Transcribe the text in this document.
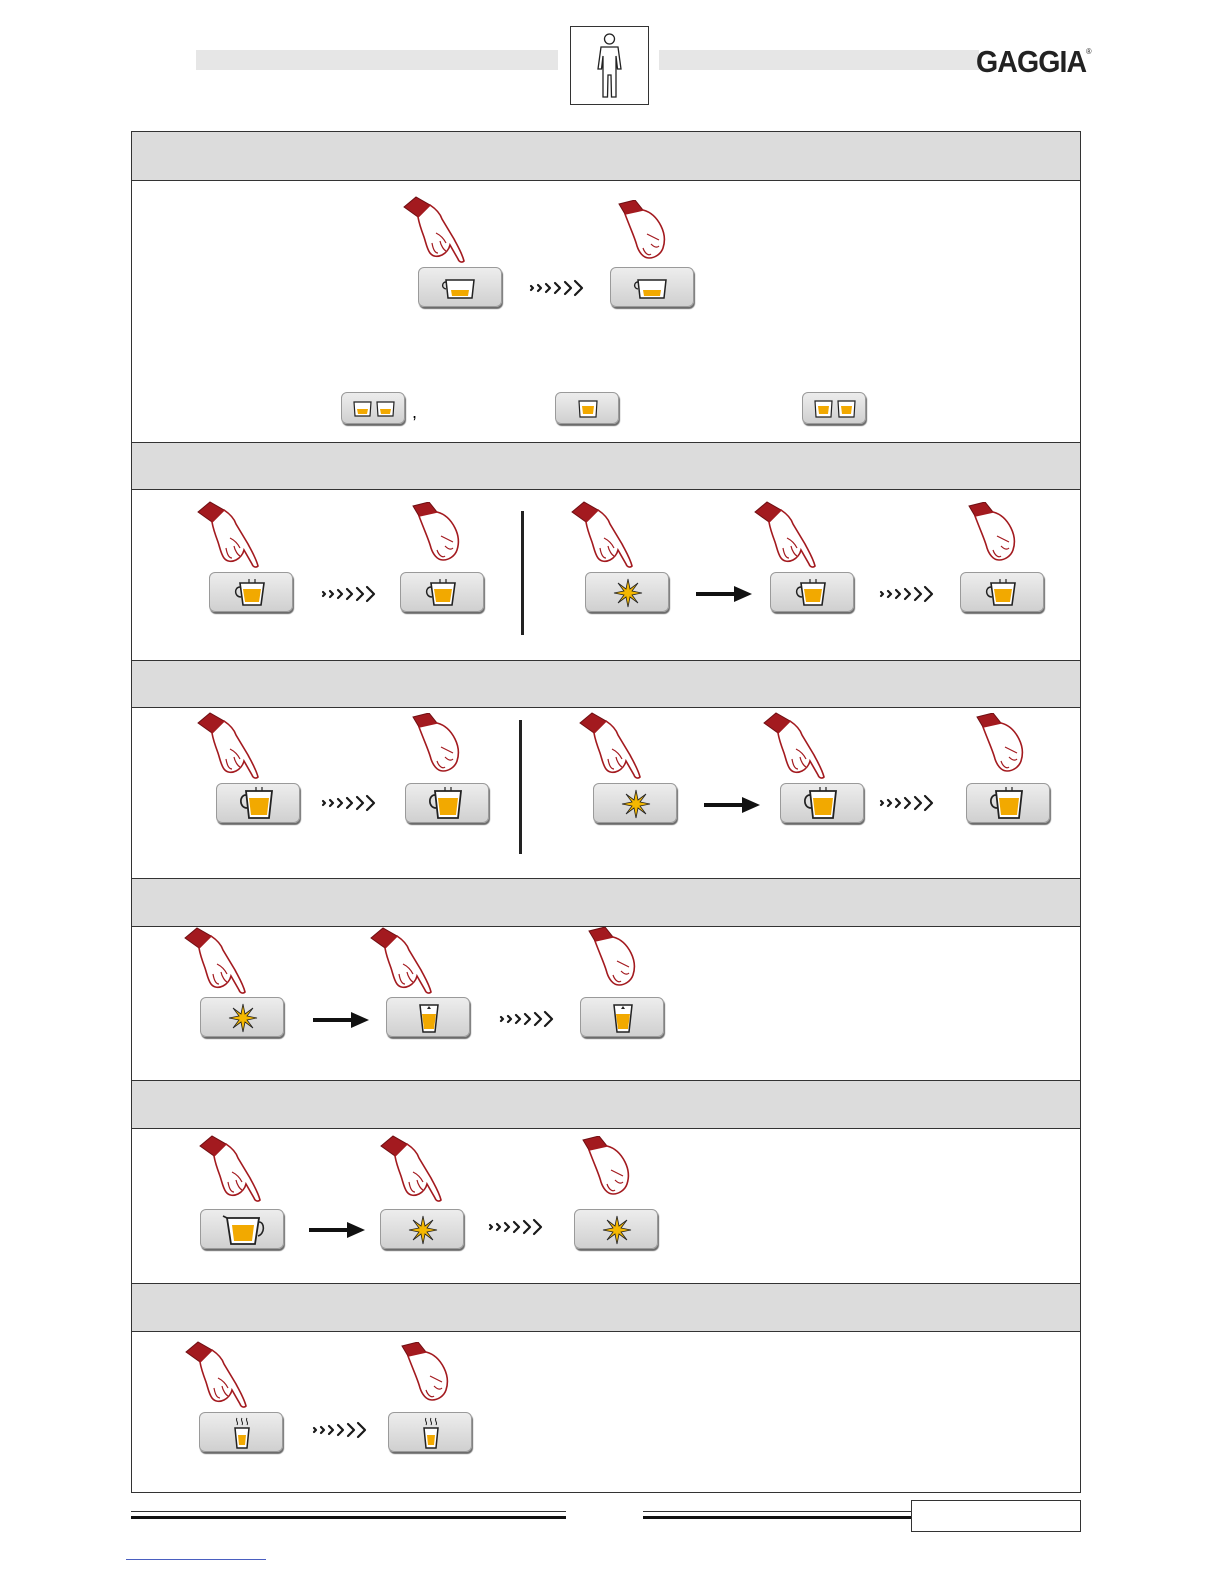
GAGGIA®
,
